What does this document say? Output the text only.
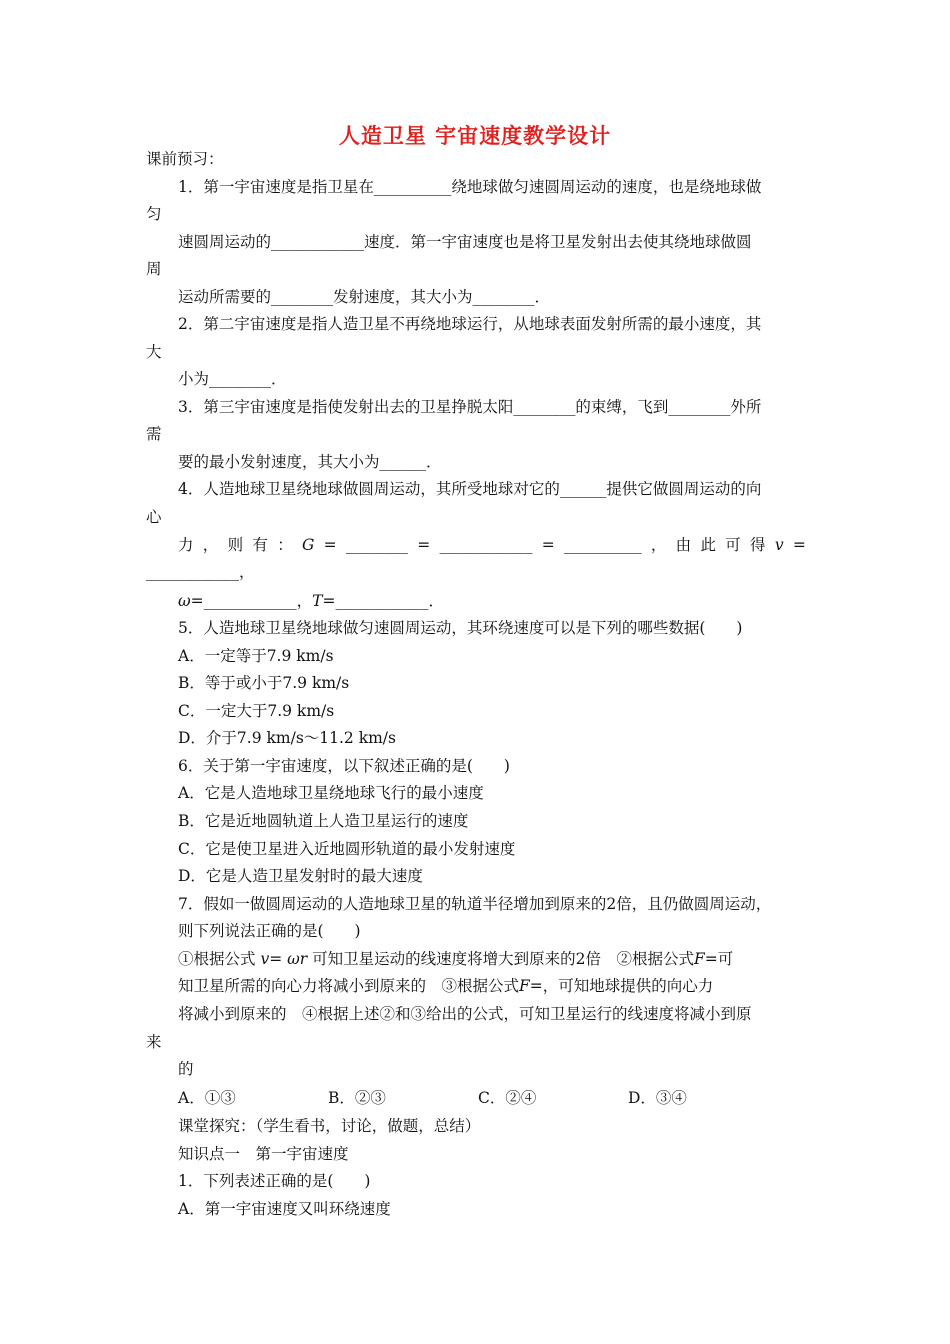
人造卫星 宇宙速度教学设计
课前预习：
1．第一宇宙速度是指卫星在__________绕地球做匀速圆周运动的速度，也是绕地球做
匀
速圆周运动的____________速度．第一宇宙速度也是将卫星发射出去使其绕地球做圆
周
运动所需要的________发射速度，其大小为________．
2．第二宇宙速度是指人造卫星不再绕地球运行，从地球表面发射所需的最小速度，其
大
小为________．
3．第三宇宙速度是指使发射出去的卫星挣脱太阳________的束缚，飞到________外所
需
要的最小发射速度，其大小为______．
4．人造地球卫星绕地球做圆周运动，其所受地球对它的______提供它做圆周运动的向
心
力 ， 则 有 ： G = ________ = ____________ = __________ ， 由 此 可 得 v =
____________，
ω=____________，T=____________．
5．人造地球卫星绕地球做匀速圆周运动，其环绕速度可以是下列的哪些数据(　　)
A．一定等于7.9 km/s
B．等于或小于7.9 km/s
C．一定大于7.9 km/s
D．介于7.9 km/s～11.2 km/s
6．关于第一宇宙速度，以下叙述正确的是(　　)
A．它是人造地球卫星绕地球飞行的最小速度
B．它是近地圆轨道上人造卫星运行的速度
C．它是使卫星进入近地圆形轨道的最小发射速度
D．它是人造卫星发射时的最大速度
7．假如一做圆周运动的人造地球卫星的轨道半径增加到原来的2倍，且仍做圆周运动，
则下列说法正确的是(　　)
①根据公式 v= ωr 可知卫星运动的线速度将增大到原来的2倍　②根据公式F=可
知卫星所需的向心力将减小到原来的　③根据公式F=，可知地球提供的向心力
将减小到原来的　④根据上述②和③给出的公式，可知卫星运行的线速度将减小到原
来
的
A．①③	B．②③	C．②④	D．③④
课堂探究：（学生看书，讨论，做题，总结）
知识点一　第一宇宙速度
1．下列表述正确的是(　　)
A．第一宇宙速度又叫环绕速度
